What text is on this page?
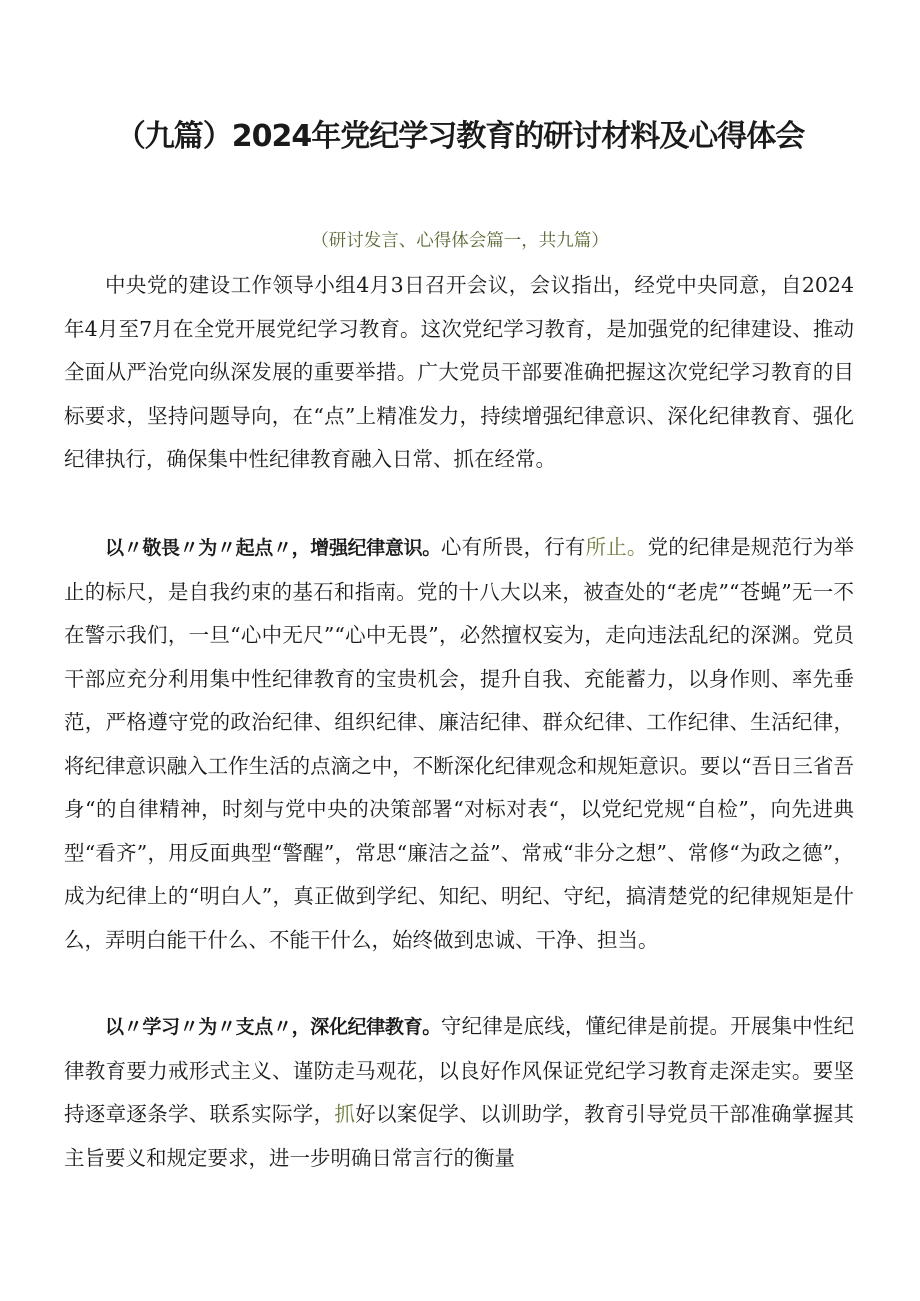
（九篇）2024年党纪学习教育的研讨材料及心得体会

（研讨发言、心得体会篇一，共九篇）

中央党的建设工作领导小组4月3日召开会议，会议指出，经党中央同意，自2024年4月至7月在全党开展党纪学习教育。这次党纪学习教育，是加强党的纪律建设、推动全面从严治党向纵深发展的重要举措。广大党员干部要准确把握这次党纪学习教育的目标要求，坚持问题导向，在“点”上精准发力，持续增强纪律意识、深化纪律教育、强化纪律执行，确保集中性纪律教育融入日常、抓在经常。

以〃敬畏〃为〃起点〃，增强纪律意识。心有所畏，行有所止。党的纪律是规范行为举止的标尺，是自我约束的基石和指南。党的十八大以来，被查处的“老虎”“苍蝇”无一不在警示我们，一旦“心中无尺”“心中无畏”，必然擅权妄为，走向违法乱纪的深渊。党员干部应充分利用集中性纪律教育的宝贵机会，提升自我、充能蓄力，以身作则、率先垂范，严格遵守党的政治纪律、组织纪律、廉洁纪律、群众纪律、工作纪律、生活纪律，将纪律意识融入工作生活的点滴之中，不断深化纪律观念和规矩意识。要以“吾日三省吾身“的自律精神，时刻与党中央的决策部署“对标对表“，以党纪党规“自检”，向先进典型“看齐”，用反面典型“警醒”，常思“廉洁之益”、常戒“非分之想”、常修“为政之德”，成为纪律上的“明白人”，真正做到学纪、知纪、明纪、守纪，搞清楚党的纪律规矩是什么，弄明白能干什么、不能干什么，始终做到忠诚、干净、担当。

以〃学习〃为〃支点〃，深化纪律教育。守纪律是底线，懂纪律是前提。开展集中性纪律教育要力戒形式主义、谨防走马观花，以良好作风保证党纪学习教育走深走实。要坚持逐章逐条学、联系实际学，抓好以案促学、以训助学，教育引导党员干部准确掌握其主旨要义和规定要求，进一步明确日常言行的衡量
